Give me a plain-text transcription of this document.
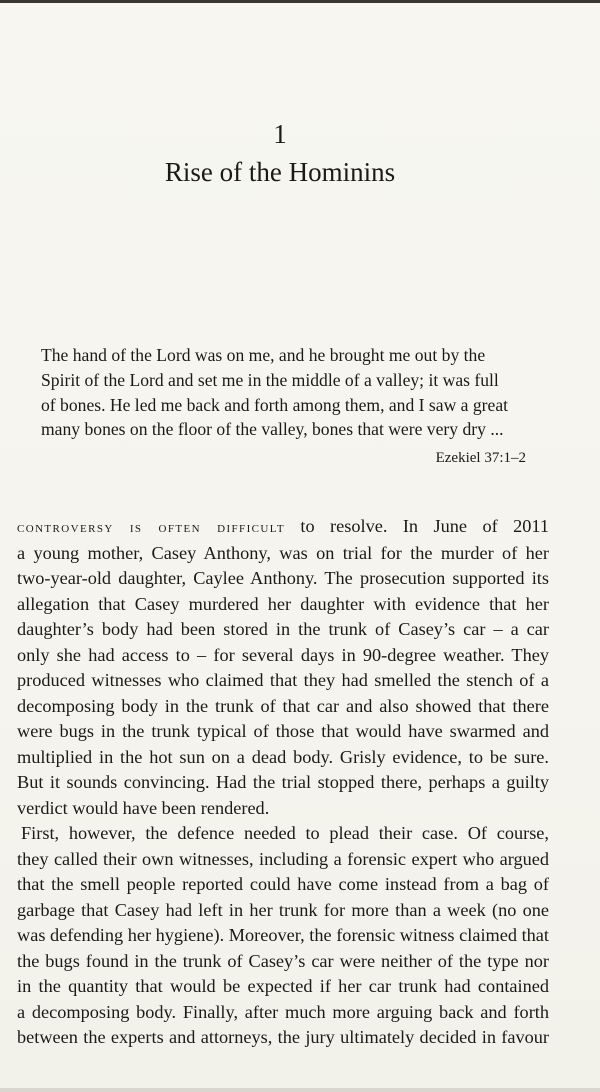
1
Rise of the Hominins
The hand of the Lord was on me, and he brought me out by the
Spirit of the Lord and set me in the middle of a valley; it was full
of bones. He led me back and forth among them, and I saw a great
many bones on the floor of the valley, bones that were very dry ...
Ezekiel 37:1–2
controversy is often difficult to resolve. In June of 2011
a young mother, Casey Anthony, was on trial for the murder of her
two-year-old daughter, Caylee Anthony. The prosecution supported its
allegation that Casey murdered her daughter with evidence that her
daughter’s body had been stored in the trunk of Casey’s car – a car
only she had access to – for several days in 90-degree weather. They
produced witnesses who claimed that they had smelled the stench of a
decomposing body in the trunk of that car and also showed that there
were bugs in the trunk typical of those that would have swarmed and
multiplied in the hot sun on a dead body. Grisly evidence, to be sure.
But it sounds convincing. Had the trial stopped there, perhaps a guilty
verdict would have been rendered.
First, however, the defence needed to plead their case. Of course,
they called their own witnesses, including a forensic expert who argued
that the smell people reported could have come instead from a bag of
garbage that Casey had left in her trunk for more than a week (no one
was defending her hygiene). Moreover, the forensic witness claimed that
the bugs found in the trunk of Casey’s car were neither of the type nor
in the quantity that would be expected if her car trunk had contained
a decomposing body. Finally, after much more arguing back and forth
between the experts and attorneys, the jury ultimately decided in favour
